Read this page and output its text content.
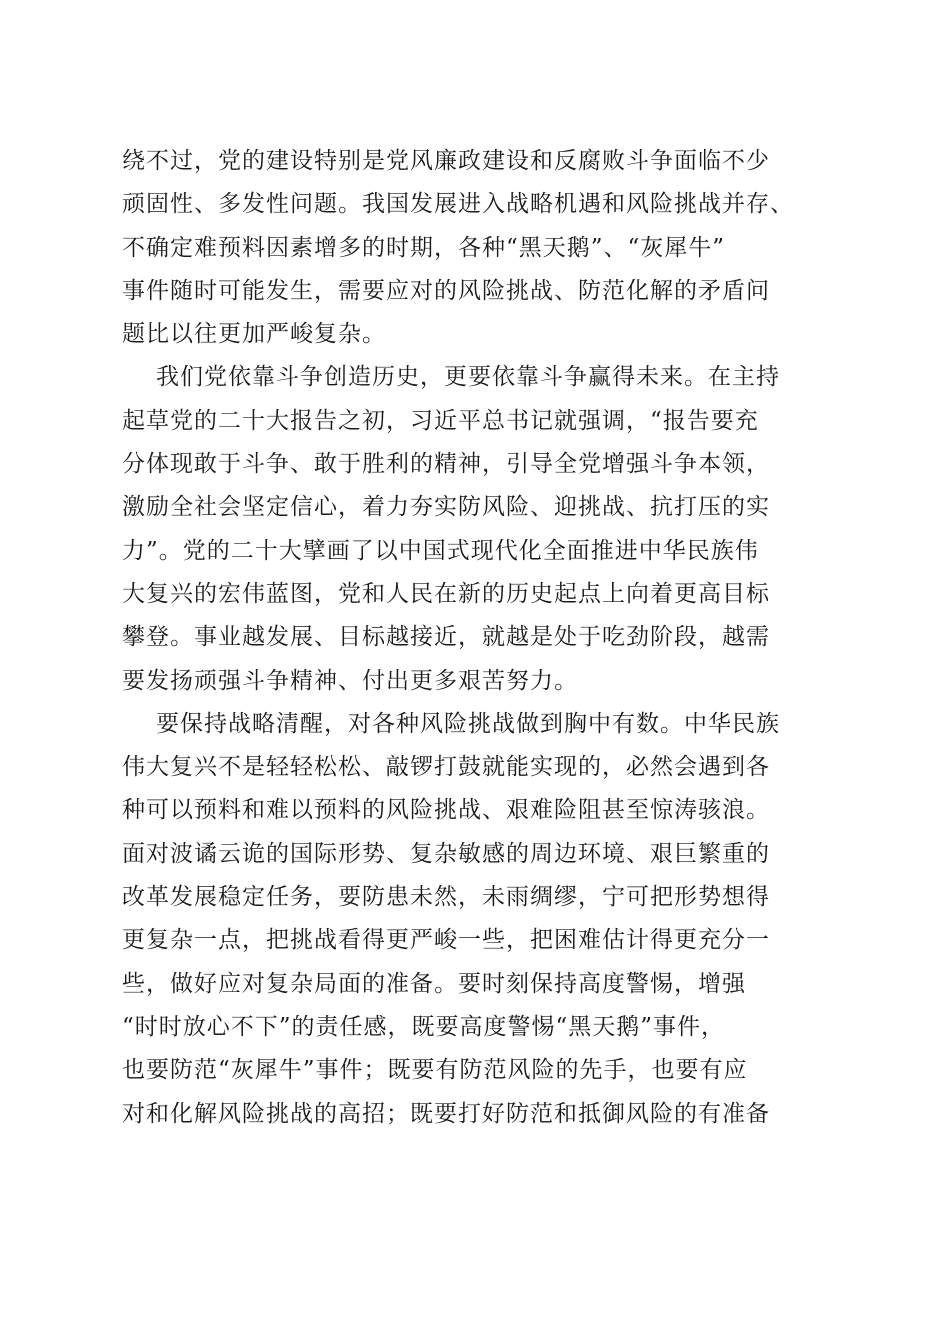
绕不过，党的建设特别是党风廉政建设和反腐败斗争面临不少
顽固性、多发性问题。我国发展进入战略机遇和风险挑战并存、
不确定难预料因素增多的时期，各种“黑天鹅”、“灰犀牛”
事件随时可能发生，需要应对的风险挑战、防范化解的矛盾问
题比以往更加严峻复杂。
我们党依靠斗争创造历史，更要依靠斗争赢得未来。在主持
起草党的二十大报告之初，习近平总书记就强调，“报告要充
分体现敢于斗争、敢于胜利的精神，引导全党增强斗争本领，
激励全社会坚定信心，着力夯实防风险、迎挑战、抗打压的实
力”。党的二十大擘画了以中国式现代化全面推进中华民族伟
大复兴的宏伟蓝图，党和人民在新的历史起点上向着更高目标
攀登。事业越发展、目标越接近，就越是处于吃劲阶段，越需
要发扬顽强斗争精神、付出更多艰苦努力。
要保持战略清醒，对各种风险挑战做到胸中有数。中华民族
伟大复兴不是轻轻松松、敲锣打鼓就能实现的，必然会遇到各
种可以预料和难以预料的风险挑战、艰难险阻甚至惊涛骇浪。
面对波谲云诡的国际形势、复杂敏感的周边环境、艰巨繁重的
改革发展稳定任务，要防患未然，未雨绸缪，宁可把形势想得
更复杂一点，把挑战看得更严峻一些，把困难估计得更充分一
些，做好应对复杂局面的准备。要时刻保持高度警惕，增强
“时时放心不下”的责任感，既要高度警惕“黑天鹅”事件，
也要防范“灰犀牛”事件；既要有防范风险的先手，也要有应
对和化解风险挑战的高招；既要打好防范和抵御风险的有准备
